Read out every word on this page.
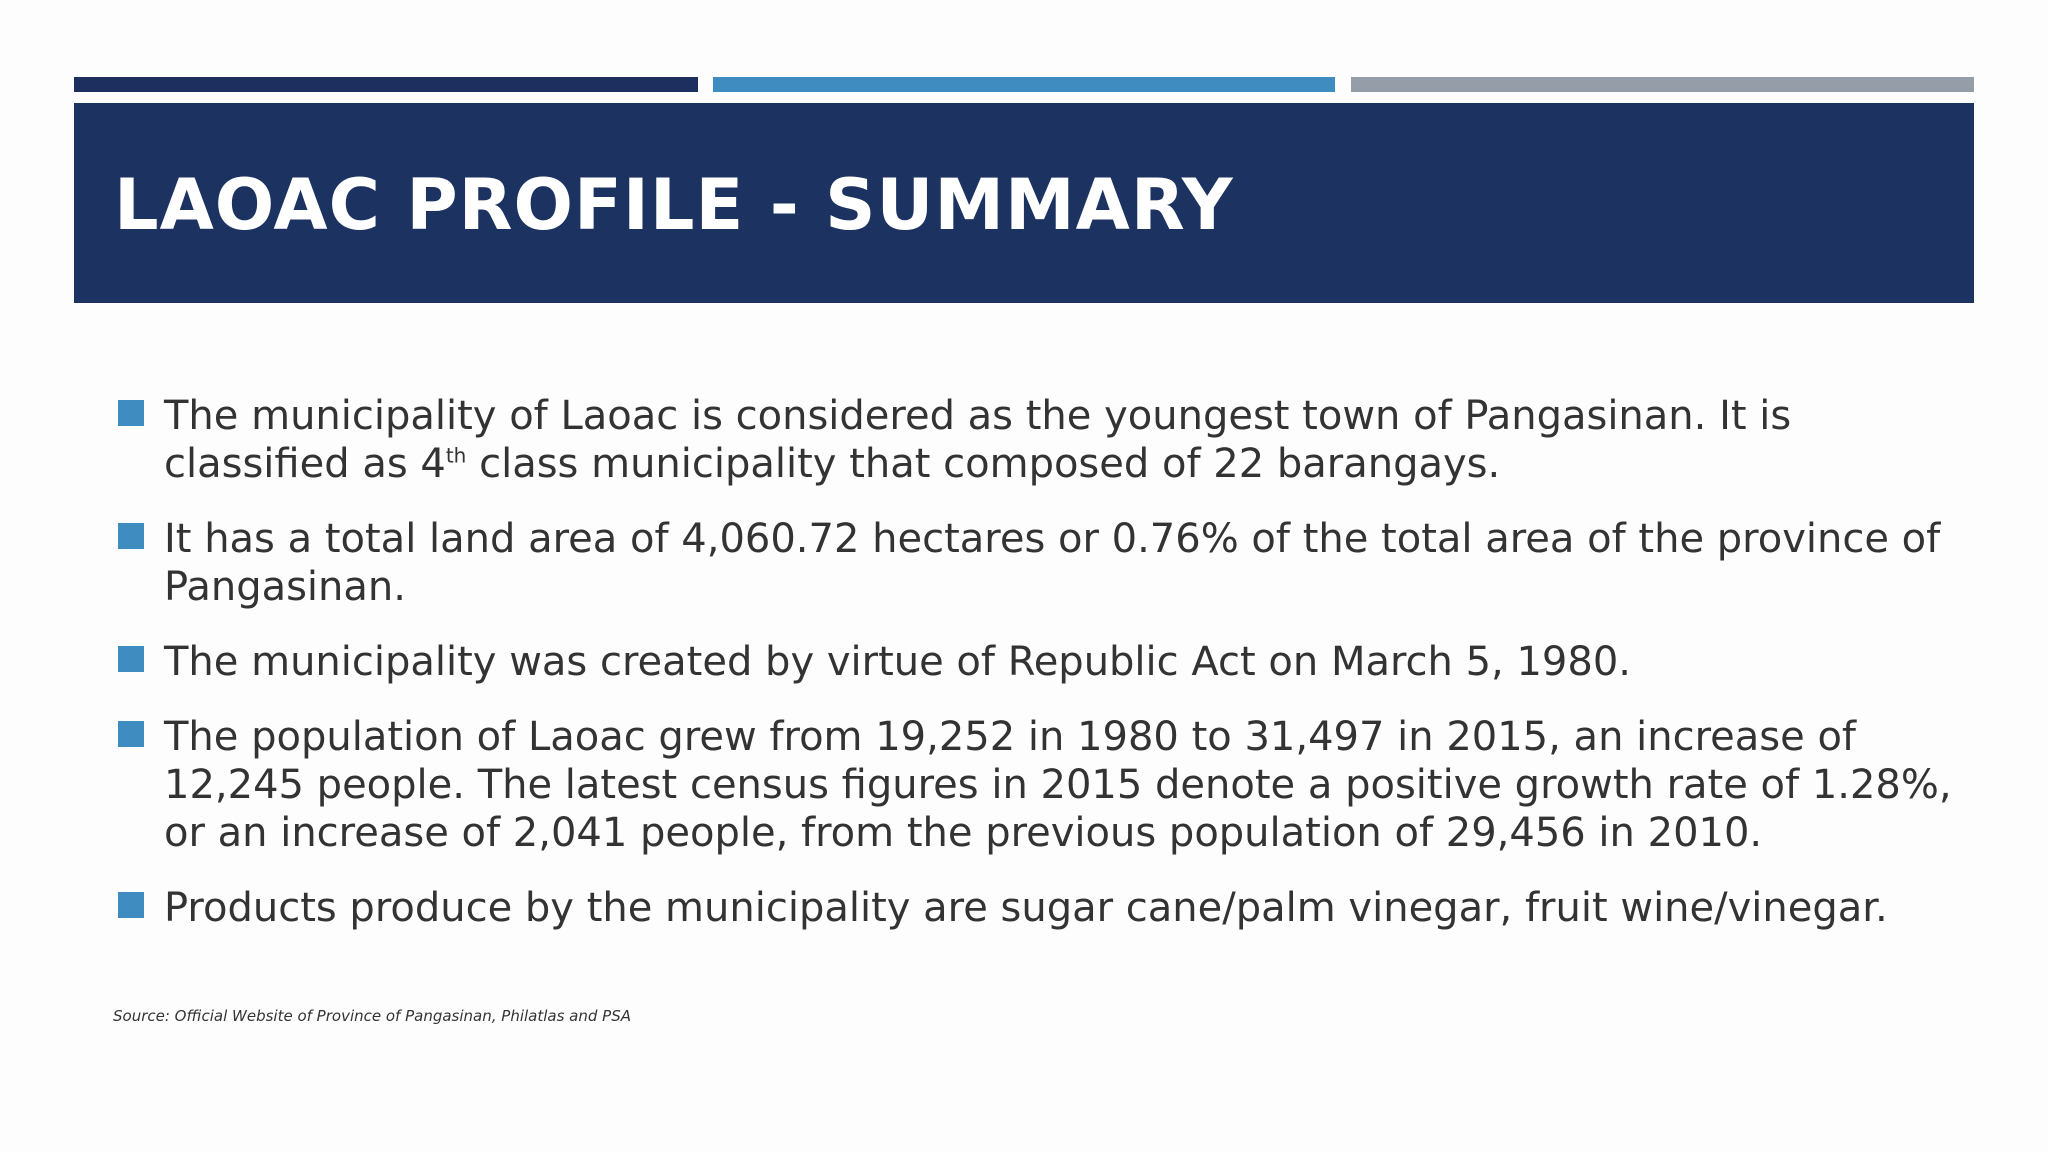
LAOAC PROFILE - SUMMARY
The municipality of Laoac is considered as the youngest town of Pangasinan. It is classified as 4th class municipality that composed of 22 barangays.
It has a total land area of 4,060.72 hectares or 0.76% of the total area of the province of Pangasinan.
The municipality was created by virtue of Republic Act on March 5, 1980.
The population of Laoac grew from 19,252 in 1980 to 31,497 in 2015, an increase of 12,245 people. The latest census figures in 2015 denote a positive growth rate of 1.28%, or an increase of 2,041 people, from the previous population of 29,456 in 2010.
Products produce by the municipality are sugar cane/palm vinegar, fruit wine/vinegar.
Source: Official Website of Province of Pangasinan, Philatlas and PSA
